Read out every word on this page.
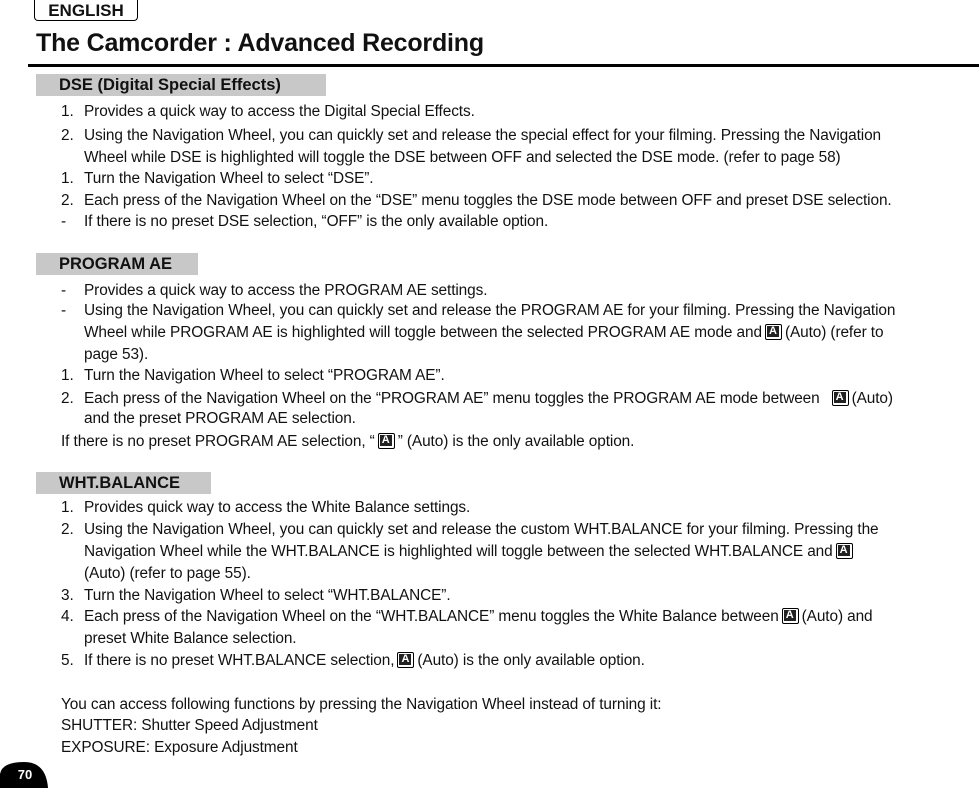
ENGLISH
The Camcorder : Advanced Recording
DSE (Digital Special Effects)
1. Provides a quick way to access the Digital Special Effects.
2. Using the Navigation Wheel, you can quickly set and release the special effect for your filming. Pressing the Navigation
Wheel while DSE is highlighted will toggle the DSE between OFF and selected the DSE mode. (refer to page 58)
1. Turn the Navigation Wheel to select “DSE”.
2. Each press of the Navigation Wheel on the “DSE” menu toggles the DSE mode between OFF and preset DSE selection.
- If there is no preset DSE selection, “OFF” is the only available option.
PROGRAM AE
- Provides a quick way to access the PROGRAM AE settings.
- Using the Navigation Wheel, you can quickly set and release the PROGRAM AE for your filming. Pressing the Navigation
Wheel while PROGRAM AE is highlighted will toggle between the selected PROGRAM AE mode and A (Auto) (refer to
page 53).
1. Turn the Navigation Wheel to select “PROGRAM AE”.
2. Each press of the Navigation Wheel on the “PROGRAM AE” menu toggles the PROGRAM AE mode between A (Auto)
and the preset PROGRAM AE selection.
If there is no preset PROGRAM AE selection, “ A ” (Auto) is the only available option.
WHT.BALANCE
1. Provides quick way to access the White Balance settings.
2. Using the Navigation Wheel, you can quickly set and release the custom WHT.BALANCE for your filming. Pressing the
Navigation Wheel while the WHT.BALANCE is highlighted will toggle between the selected WHT.BALANCE andA
(Auto) (refer to page 55).
3. Turn the Navigation Wheel to select “WHT.BALANCE”.
4. Each press of the Navigation Wheel on the “WHT.BALANCE” menu toggles the White Balance between A (Auto) and
preset White Balance selection.
5. If there is no preset WHT.BALANCE selection, A (Auto) is the only available option.
You can access following functions by pressing the Navigation Wheel instead of turning it:
SHUTTER: Shutter Speed Adjustment
EXPOSURE: Exposure Adjustment
70
